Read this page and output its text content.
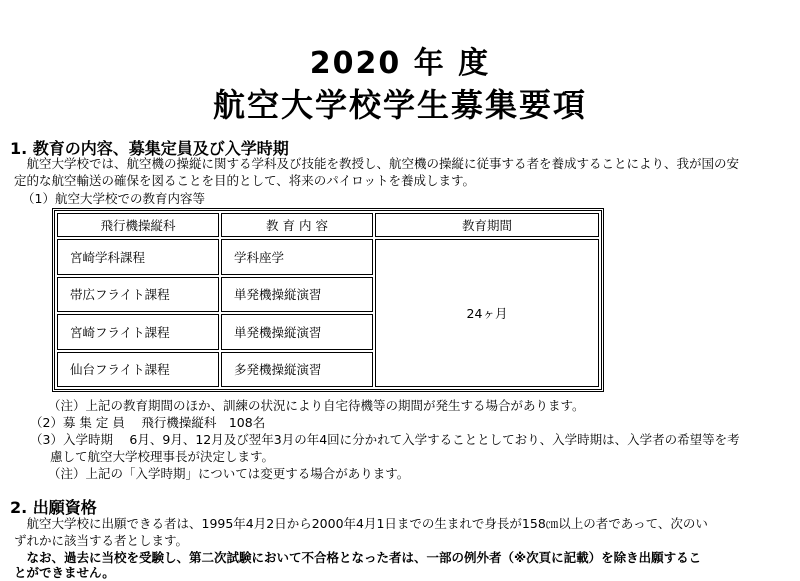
2020 年 度
航空大学校学生募集要項
1. 教育の内容、募集定員及び入学時期
　航空大学校では、航空機の操縦に関する学科及び技能を教授し、航空機の操縦に従事する者を養成することにより、我が国の安
定的な航空輸送の確保を図ることを目的として、将来のパイロットを養成します。
（1）航空大学校での教育内容等
飛行機操縦科	教 育 内 容	教育期間
宮崎学科課程	学科座学	24ヶ月
帯広フライト課程	単発機操縦演習	
宮崎フライト課程	単発機操縦演習	
仙台フライト課程	多発機操縦演習	
（注）上記の教育期間のほか、訓練の状況により自宅待機等の期間が発生する場合があります。
（2）募 集 定 員　 飛行機操縦科　108名
（3）入学時期　 6月、9月、12月及び翌年3月の年4回に分かれて入学することとしており、入学時期は、入学者の希望等を考
慮して航空大学校理事長が決定します。
（注）上記の「入学時期」については変更する場合があります。
2. 出願資格
　航空大学校に出願できる者は、1995年4月2日から2000年4月1日までの生まれで身長が158㎝以上の者であって、次のい
ずれかに該当する者とします。
　なお、過去に当校を受験し、第二次試験において不合格となった者は、一部の例外者（※次頁に記載）を除き出願するこ
とができません。
